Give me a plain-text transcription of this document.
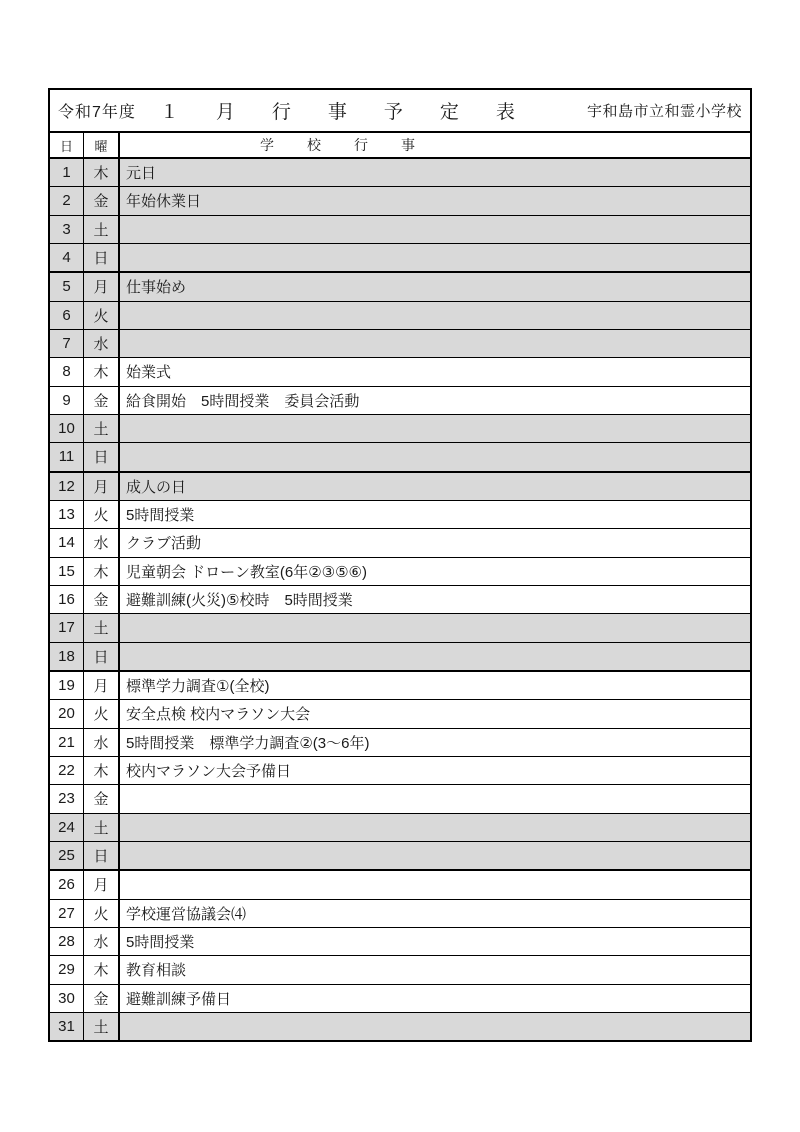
令和7年度 １月行事予定表 宇和島市立和霊小学校
日	曜	学校行事
1	木	元日
2	金	年始休業日
3	土
4	日
5	月	仕事始め
6	火
7	水
8	木	始業式
9	金	給食開始　5時間授業　委員会活動
10	土
11	日
12	月	成人の日
13	火	5時間授業
14	水	クラブ活動
15	木	児童朝会 ドローン教室(6年②③⑤⑥)
16	金	避難訓練(火災)⑤校時　5時間授業
17	土
18	日
19	月	標準学力調査①(全校)
20	火	安全点検 校内マラソン大会
21	水	5時間授業　標準学力調査②(3～6年)
22	木	校内マラソン大会予備日
23	金
24	土
25	日
26	月
27	火	学校運営協議会⑷
28	水	5時間授業
29	木	教育相談
30	金	避難訓練予備日
31	土
